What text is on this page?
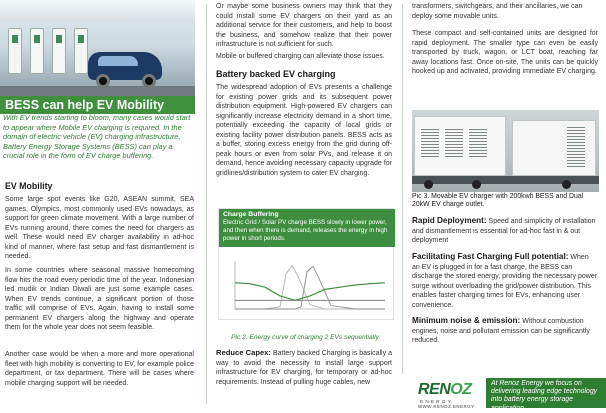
BESS can help EV Mobility
With EV trends starting to bloom, many cases would start to appear where Mobile EV charging is required. In the domain of electric vehicle (EV) charging infrastructure, Battery Energy Storage Systems (BESS) can play a crucial role in the form of EV charge buffering.
EV Mobility

Some large spot events like G20, ASEAN summit, SEA games, Olympics, most commonly used EVs nowadays, as support for green climate movement. With a large number of EVs running around, there comes the need for chargers as well. These would need EV charger availability in ad-hoc kind of manner, where fast setup and fast dismantlement is needed.

In some countries where seasonal massive homecoming flow hits the road every periodic time of the year. Indonesian led mudik or Indian Diwali are just some example cases. When EV trends continue, a significant portion of those traffic will comprise of EVs. Again, having to install some permanent EV chargers along the highway and operate them for the whole year does not seem feasible.

Another case would be when a more and more operational fleet with high mobility is converting to EV, for example police department, or tax department. There will be cases where mobile charging support will be needed.

Or maybe some business owners may think that they could install some EV chargers on their yard as an additional service for their customers, and help to boost the business, and somehow realize that their power infrastructure is not sufficient for such.

Mobile or buffered charging can alleviate those issues.

Battery backed EV charging

The widespread adoption of EVs presents a challenge for existing power grids and its subsequent power distribution equipment. High-powered EV chargers can significantly increase electricity demand in a short time, potentially exceeding the capacity of local grids or existing facility power distribution panels. BESS acts as a buffer, storing excess energy from the grid during off-peak hours or even from solar PVs, and release it on demand, hence avoiding necessary capacity upgrade for gridlines/distribution system to cater EV charging.

Charge Buffering
Electric Grid / Solar PV charge BESS slowly in lower power, and then when there is demand, releases the energy in high power in short periods.

Pic 2. Energy curve of charging 2 EVs sequentially

Reduce Capex: Battery backed Charging is basically a way to avoid the necessity to install large support infrastructure for EV charging, for temporary or ad-hoc requirements. Instead of pulling huge cables, new

transformers, switchgears, and their ancillaries, we can deploy some movable units.

These compact and self-contained units are designed for rapid deployment. The smaller type can even be easily transported by truck, wagon, or LCT boat, reaching far away locations fast. Once on-site, The units can be quickly hooked up and activated, providing immediate EV charging.

Pic 3. Movable EV charger with 200kwh BESS and Dual 20kW EV charge outlet.

Rapid Deployment: Speed and simplicity of installation and dismantlement is essential for ad-hoc fast in & out deployment

Facilitating Fast Charging Full potential: When an EV is plugged in for a fast charge, the BESS can discharge the stored energy, providing the necessary power surge without overloading the grid/power distribution. This enables faster charging times for EVs, enhancing user convenience.

Minimum noise & emission: Without combustion engines, noise and pollutant emission can be significantly reduced.

RENOZ
E N E R G Y
WWW.RENOZ.ENERGY
At Renoz Energy we focus on delivering leading edge technology into battery energy storage application
